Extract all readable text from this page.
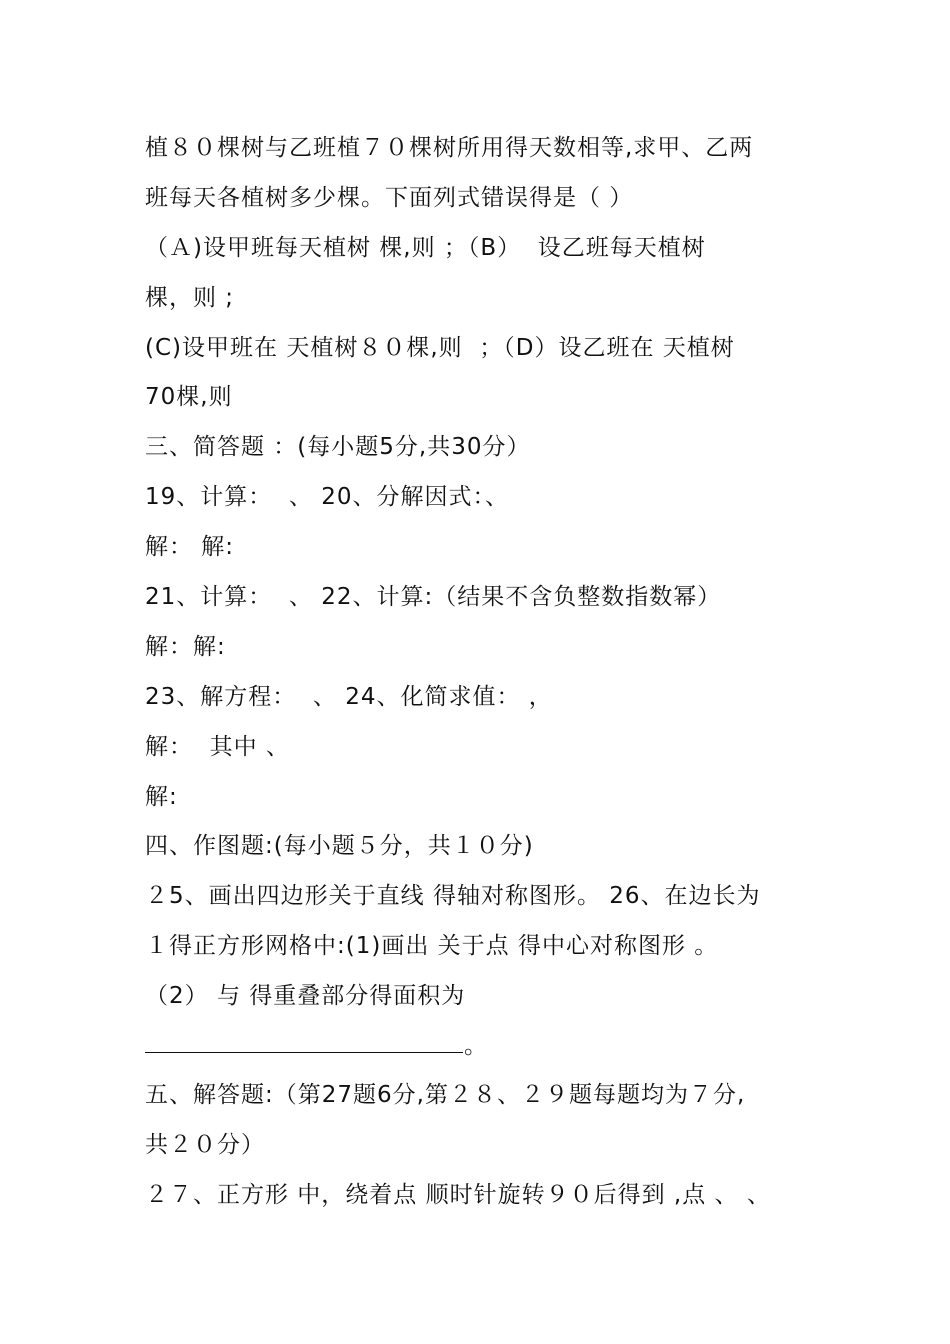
植８０棵树与乙班植７０棵树所用得天数相等,求甲、乙两
班每天各植树多少棵。下面列式错误得是（ ）
（Ａ)设甲班每天植树 棵,则 ；（B）  设乙班每天植树
棵，则 ;
(C)设甲班在 天植树８０棵,则  ；（D）设乙班在 天植树
70棵,则
三、简答题 ：(每小题5分,共30分）
19、计算：  、 20、分解因式：、
解： 解:
21、计算：  、 22、计算:（结果不含负整数指数幂）
解：解:
23、解方程：  、 24、化简求值： ，
解：  其中 、
解:
四、作图题:(每小题５分，共１０分)
２5、画出四边形关于直线 得轴对称图形。 26、在边长为
１得正方形网格中:(1)画出 关于点 得中心对称图形 。
（2） 与 得重叠部分得面积为
。
五、解答题:（第27题6分,第２８、２９题每题均为７分,
共２０分）
２７、正方形 中，绕着点 顺时针旋转９０后得到 ,点 、 、
